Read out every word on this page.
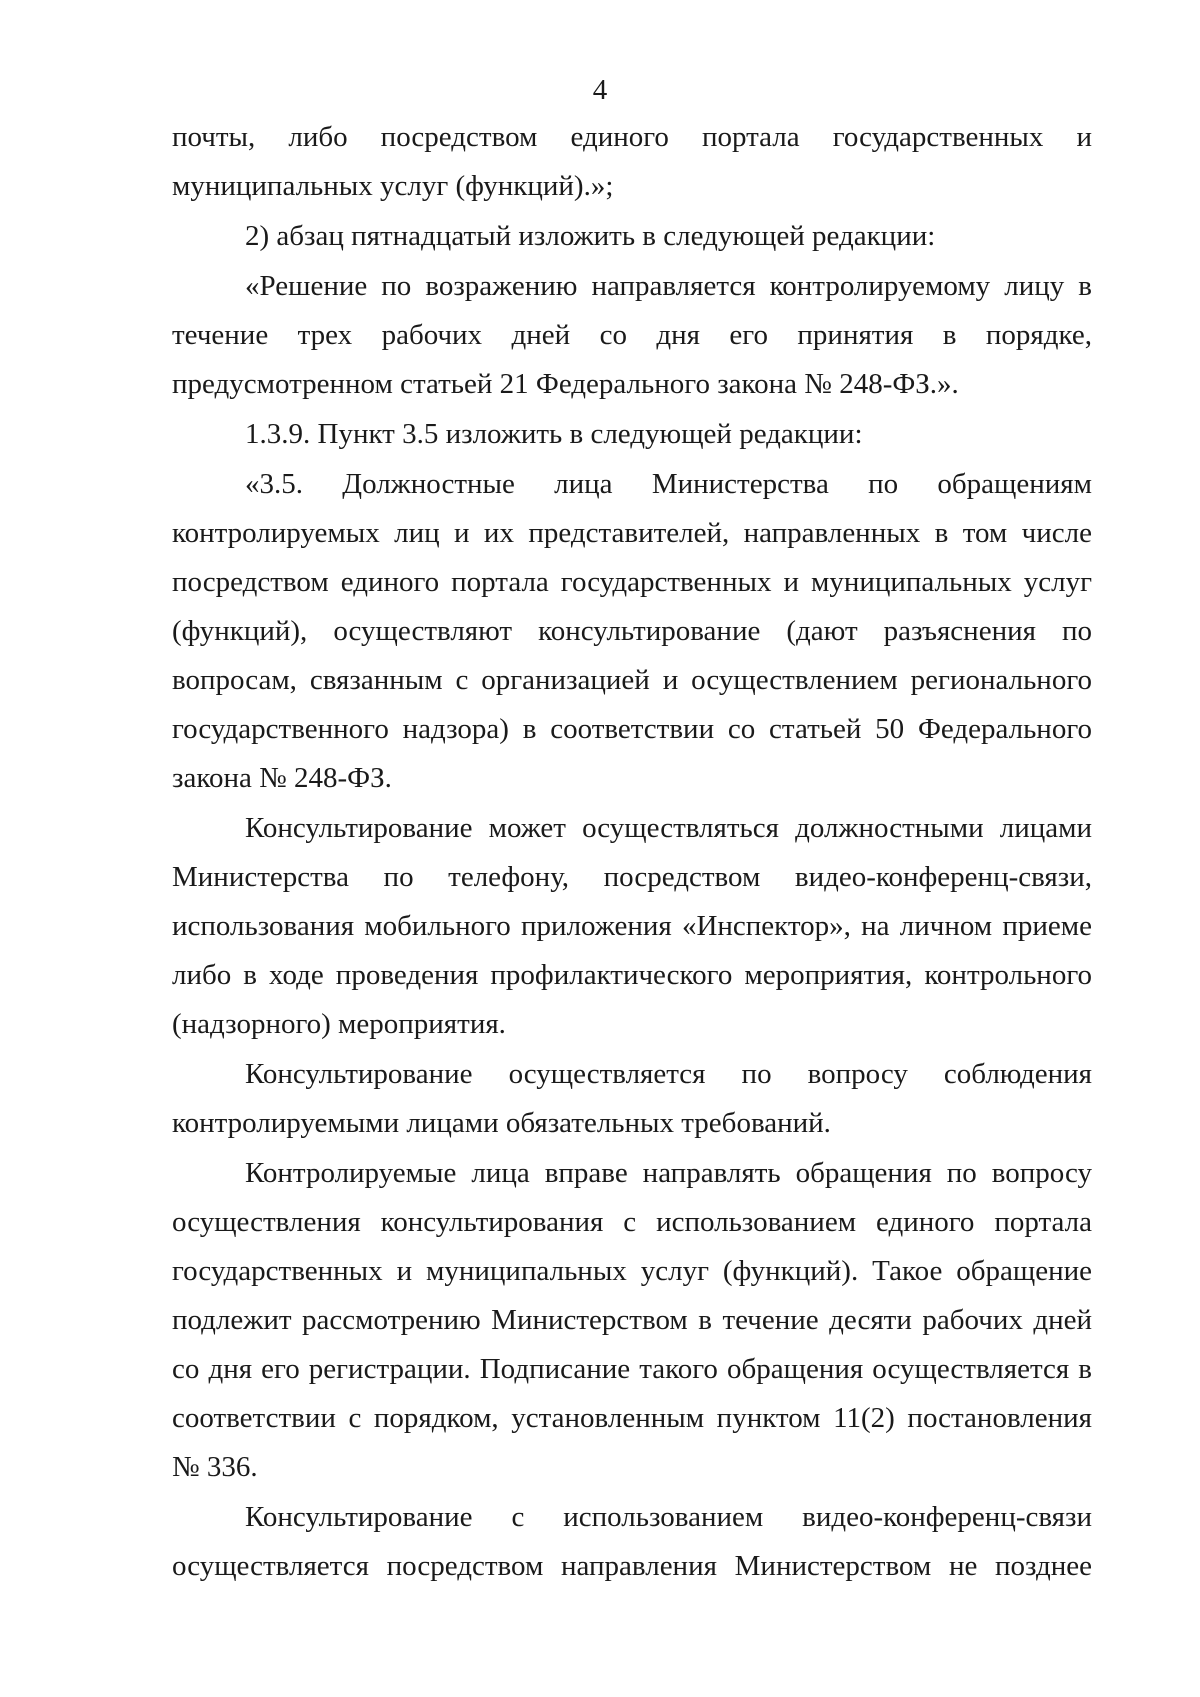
4

почты, либо посредством единого портала государственных и муниципальных услуг (функций).»;

2) абзац пятнадцатый изложить в следующей редакции:

«Решение по возражению направляется контролируемому лицу в течение трех рабочих дней со дня его принятия в порядке, предусмотренном статьей 21 Федерального закона № 248-ФЗ.».

1.3.9. Пункт 3.5 изложить в следующей редакции:

«3.5. Должностные лица Министерства по обращениям контролируемых лиц и их представителей, направленных в том числе посредством единого портала государственных и муниципальных услуг (функций), осуществляют консультирование (дают разъяснения по вопросам, связанным с организацией и осуществлением регионального государственного надзора) в соответствии со статьей 50 Федерального закона № 248-ФЗ.

Консультирование может осуществляться должностными лицами Министерства по телефону, посредством видео-конференц-связи, использования мобильного приложения «Инспектор», на личном приеме либо в ходе проведения профилактического мероприятия, контрольного (надзорного) мероприятия.

Консультирование осуществляется по вопросу соблюдения контролируемыми лицами обязательных требований.

Контролируемые лица вправе направлять обращения по вопросу осуществления консультирования с использованием единого портала государственных и муниципальных услуг (функций). Такое обращение подлежит рассмотрению Министерством в течение десяти рабочих дней со дня его регистрации. Подписание такого обращения осуществляется в соответствии с порядком, установленным пунктом 11(2) постановления № 336.

Консультирование с использованием видео-конференц-связи осуществляется посредством направления Министерством не позднее
